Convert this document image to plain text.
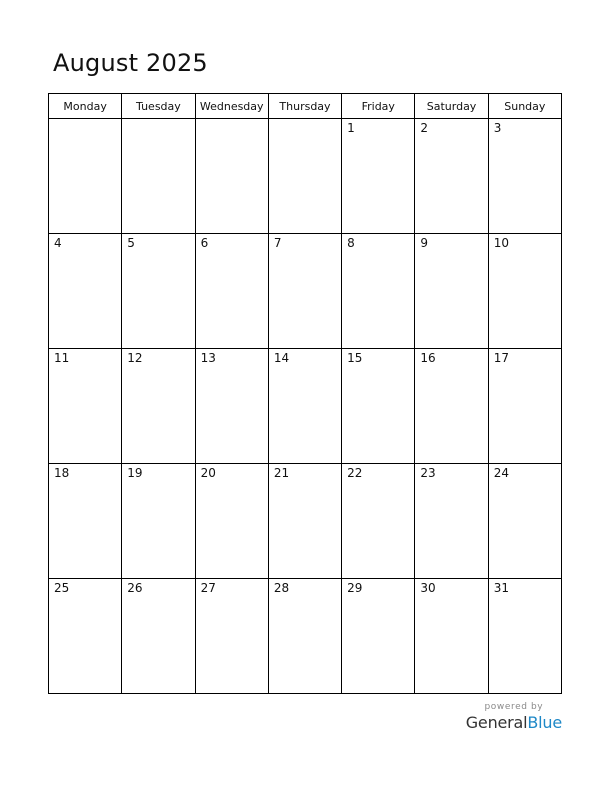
August 2025
Monday	Tuesday	Wednesday	Thursday	Friday	Saturday	Sunday

				1	2	3

4	5	6	7	8	9	10

11	12	13	14	15	16	17

18	19	20	21	22	23	24

25	26	27	28	29	30	31
powered by
GeneralBlue
